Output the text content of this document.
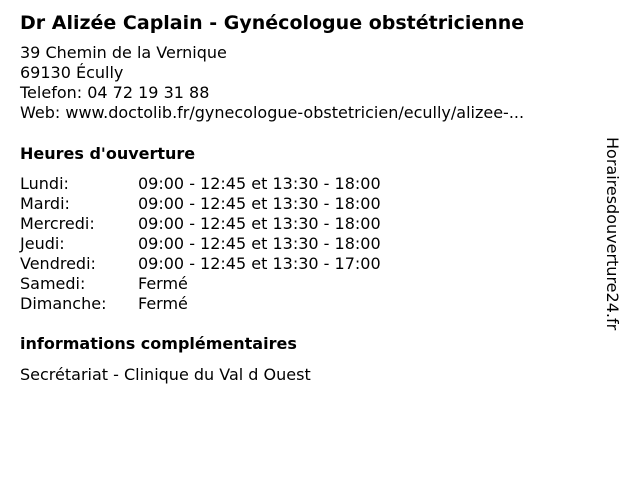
Dr Alizée Caplain - Gynécologue obstétricienne
39 Chemin de la Vernique
69130 Écully
Telefon: 04 72 19 31 88
Web: www.doctolib.fr/gynecologue-obstetricien/ecully/alizee-...
Heures d'ouverture
Lundi:	09:00 - 12:45 et 13:30 - 18:00
Mardi:	09:00 - 12:45 et 13:30 - 18:00
Mercredi:	09:00 - 12:45 et 13:30 - 18:00
Jeudi:	09:00 - 12:45 et 13:30 - 18:00
Vendredi:	09:00 - 12:45 et 13:30 - 17:00
Samedi:	Fermé
Dimanche:	Fermé
informations complémentaires
Secrétariat - Clinique du Val d Ouest
Horairesdouverture24.fr
